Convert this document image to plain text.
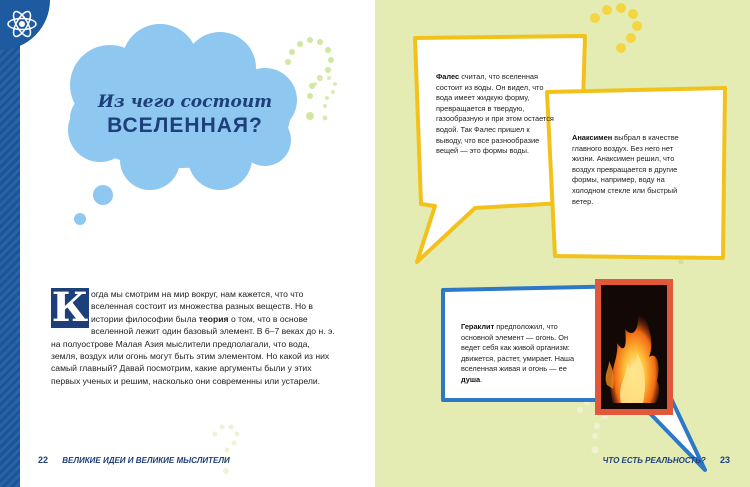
Из чего состоит
ВСЕЛЕННАЯ?
К огда мы смотрим на мир вокруг, нам кажется, что что вселенная состоит из множества разных веществ. Но в истории философии была теория о том, что в основе вселенной лежит один базовый элемент. В 6–7 веках до н. э. на полуострове Малая Азия мыслители предполагали, что вода, земля, воздух или огонь могут быть этим элементом. Но какой из них самый главный? Давай посмотрим, какие аргументы были у этих первых ученых и решим, насколько они современны или устарели.
22 ВЕЛИКИЕ ИДЕИ И ВЕЛИКИЕ МЫСЛИТЕЛИ
Фалес считал, что вселенная состоит из воды. Он видел, что вода имеет жидкую форму, превращается в твердую, газообразную и при этом остается водой. Так Фалес пришел к выводу, что все разнообразие вещей — это формы воды.
Анаксимен выбрал в качестве главного воздух. Без него нет жизни. Анаксимен решил, что воздух превращается в другие формы, например, воду на холодном стекле или быстрый ветер.
Гераклит предположил, что основной элемент — огонь. Он ведет себя как живой организм: движется, растет, умирает. Наша вселенная живая и огонь — ее душа.
ЧТО ЕСТЬ РЕАЛЬНОСТЬ? 23
